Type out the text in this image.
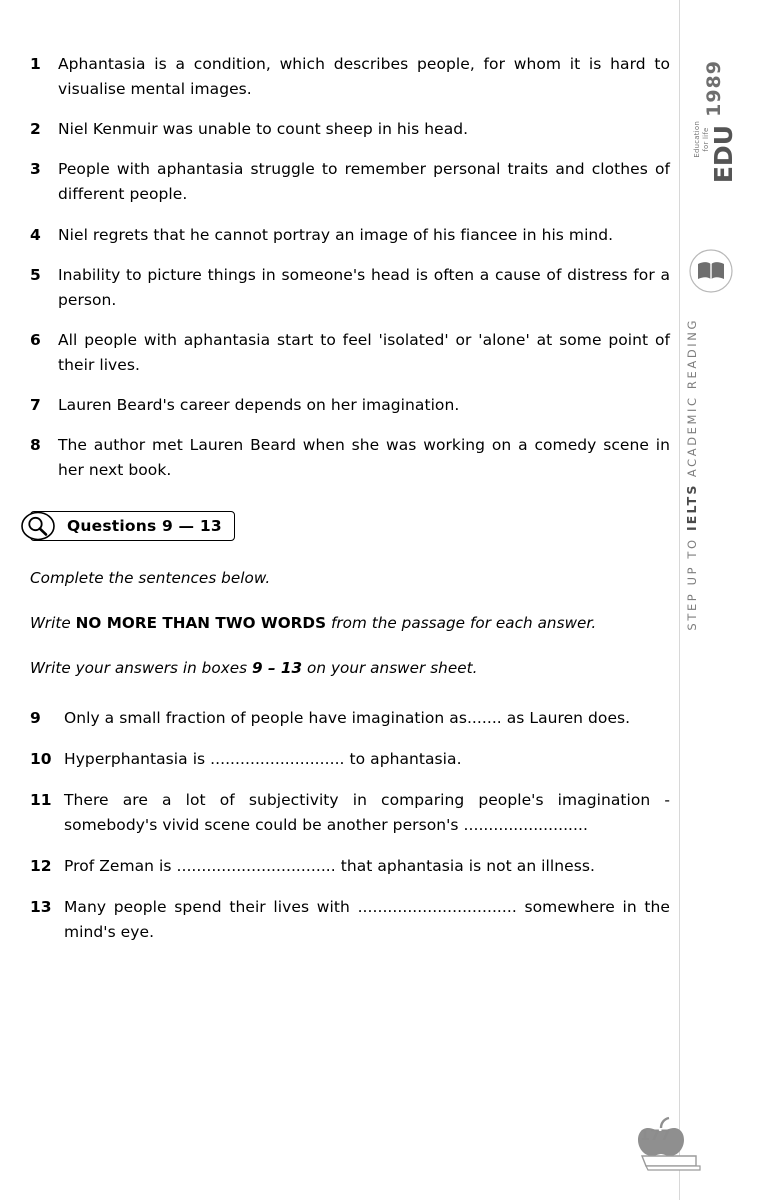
1	Aphantasia is a condition, which describes people, for whom it is hard to visualise mental images.
2	Niel Kenmuir was unable to count sheep in his head.
3	People with aphantasia struggle to remember personal traits and clothes of different people.
4	Niel regrets that he cannot portray an image of his fiancee in his mind.
5	Inability to picture things in someone's head is often a cause of distress for a person.
6	All people with aphantasia start to feel 'isolated' or 'alone' at some point of their lives.
7	Lauren Beard's career depends on her imagination.
8	The author met Lauren Beard when she was working on a comedy scene in her next book.
Questions 9 — 13
Complete the sentences below.
Write NO MORE THAN TWO WORDS from the passage for each answer.
Write your answers in boxes 9 – 13 on your answer sheet.
9	Only a small fraction of people have imagination as....... as Lauren does.
10 Hyperphantasia is ........................... to aphantasia.
11 There are a lot of subjectivity in comparing people's imagination - somebody's vivid scene could be another person's .........................
12 Prof Zeman is ................................ that aphantasia is not an illness.
13 Many people spend their lives with ................................ somewhere in the mind's eye.
1989
EDU
Education
for life
STEP UP TO IELTS ACADEMIC READING
177
